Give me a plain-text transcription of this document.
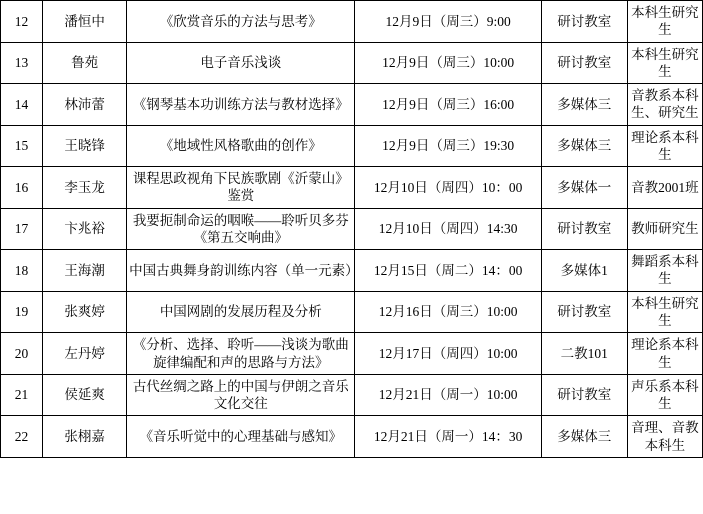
12	潘恒中	《欣赏音乐的方法与思考》	12月9日（周三）9:00	研讨教室	本科生研究生
13	鲁苑	电子音乐浅谈	12月9日（周三）10:00	研讨教室	本科生研究生
14	林沛蕾	《钢琴基本功训练方法与教材选择》	12月9日（周三）16:00	多媒体三	音教系本科生、研究生
15	王晓锋	《地域性风格歌曲的创作》	12月9日（周三）19:30	多媒体三	理论系本科生
16	李玉龙	课程思政视角下民族歌剧《沂蒙山》鉴赏	12月10日（周四）10：00	多媒体一	音教2001班
17	卞兆裕	我要扼制命运的咽喉——聆听贝多芬《第五交响曲》	12月10日（周四）14:30	研讨教室	教师研究生
18	王海潮	中国古典舞身韵训练内容（单一元素）	12月15日（周二）14：00	多媒体1	舞蹈系本科生
19	张爽婷	中国网剧的发展历程及分析	12月16日（周三）10:00	研讨教室	本科生研究生
20	左丹婷	《分析、选择、聆听——浅谈为歌曲旋律编配和声的思路与方法》	12月17日（周四）10:00	二教101	理论系本科生
21	侯延爽	古代丝绸之路上的中国与伊朗之音乐文化交往	12月21日（周一）10:00	研讨教室	声乐系本科生
22	张栩嘉	《音乐听觉中的心理基础与感知》	12月21日（周一）14：30	多媒体三	音理、音教本科生
